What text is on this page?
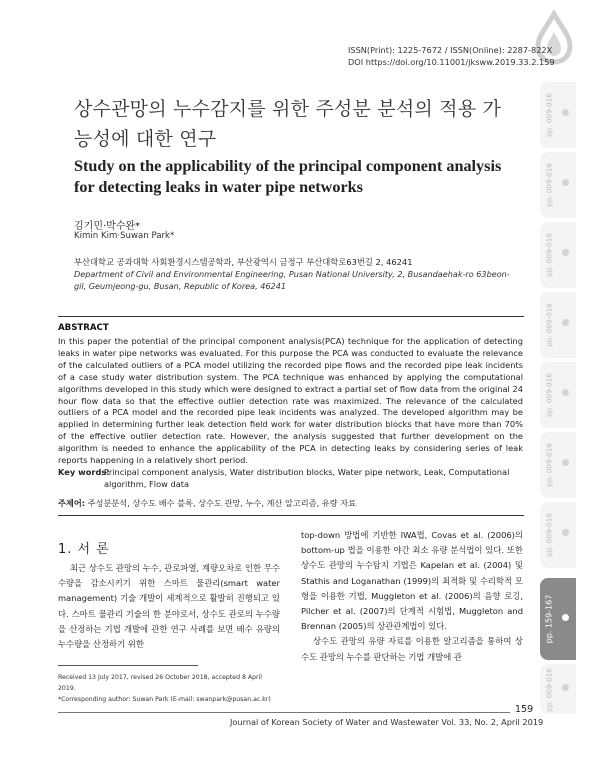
ISSN(Print): 1225-7672 / ISSN(Online): 2287-822X
DOI https://doi.org/10.11001/jksww.2019.33.2.159
상수관망의 누수감지를 위한 주성분 분석의 적용 가능성에 대한 연구
Study on the applicability of the principal component analysis for detecting leaks in water pipe networks
김기민·박수완*
Kimin Kim·Suwan Park*
부산대학교 공과대학 사회환경시스템공학과, 부산광역시 금정구 부산대학로63번길 2, 46241
Department of Civil and Environmental Engineering, Pusan National University, 2, Busandaehak-ro 63beon-gil, Geumjeong-gu, Busan, Republic of Korea, 46241
ABSTRACT
In this paper the potential of the principal component analysis(PCA) technique for the application of detecting leaks in water pipe networks was evaluated. For this purpose the PCA was conducted to evaluate the relevance of the calculated outliers of a PCA model utilizing the recorded pipe flows and the recorded pipe leak incidents of a case study water distribution system. The PCA technique was enhanced by applying the computational algorithms developed in this study which were designed to extract a partial set of flow data from the original 24 hour flow data so that the effective outlier detection rate was maximized. The relevance of the calculated outliers of a PCA model and the recorded pipe leak incidents was analyzed. The developed algorithm may be applied in determining further leak detection field work for water distribution blocks that have more than 70% of the effective outlier detection rate. However, the analysis suggested that further development on the algorithm is needed to enhance the applicability of the PCA in detecting leaks by considering series of leak reports happening in a relatively short period.
Key words:
Principal component analysis, Water distribution blocks, Water pipe network, Leak, Computational algorithm, Flow data
주제어: 주성분분석, 상수도 배수 블록, 상수도 관망, 누수, 계산 알고리즘, 유량 자료
1. 서 론
최근 상수도 관망의 누수, 관로파열, 계량오차로 인한 무수수량을 감소시키기 위한 스마트 물관리(smart water management) 기술 개발이 세계적으로 활발히 진행되고 있다. 스마트 물관리 기술의 한 분야로서, 상수도 관로의 누수량을 산정하는 기법 개발에 관한 연구 사례를 보면 배수 유량의 누수량을 산정하기 위한

top-down 방법에 기반한 IWA법, Covas et al. (2006)의 bottom-up 법을 이용한 야간 최소 유량 분석법이 있다. 또한 상수도 관망의 누수탐지 기법은 Kapelan et al. (2004) 및 Stathis and Loganathan (1999)의 최적화 및 수리학적 모형을 이용한 기법, Muggleton et al. (2006)의 음향 로깅, Pilcher et al. (2007)의 단계적 시험법, Muggleton and Brennan (2005)의 상관관계법이 있다.

상수도 관망의 유량 자료를 이용한 알고리즘을 통하여 상수도 관망의 누수를 판단하는 기법 개발에 관

Received 13 July 2017, revised 26 October 2018, accepted 8 April 2019.
*Corresponding author: Suwan Park (E-mail: swanpark@pusan.ac.kr)
159
Journal of Korean Society of Water and Wastewater Vol. 33, No. 2, April 2019
pp. 009-016
pp. 009-016
pp. 009-016
pp. 009-016
pp. 009-016
pp. 009-016
pp. 009-016
pp. 159-167
pp. 009-016
